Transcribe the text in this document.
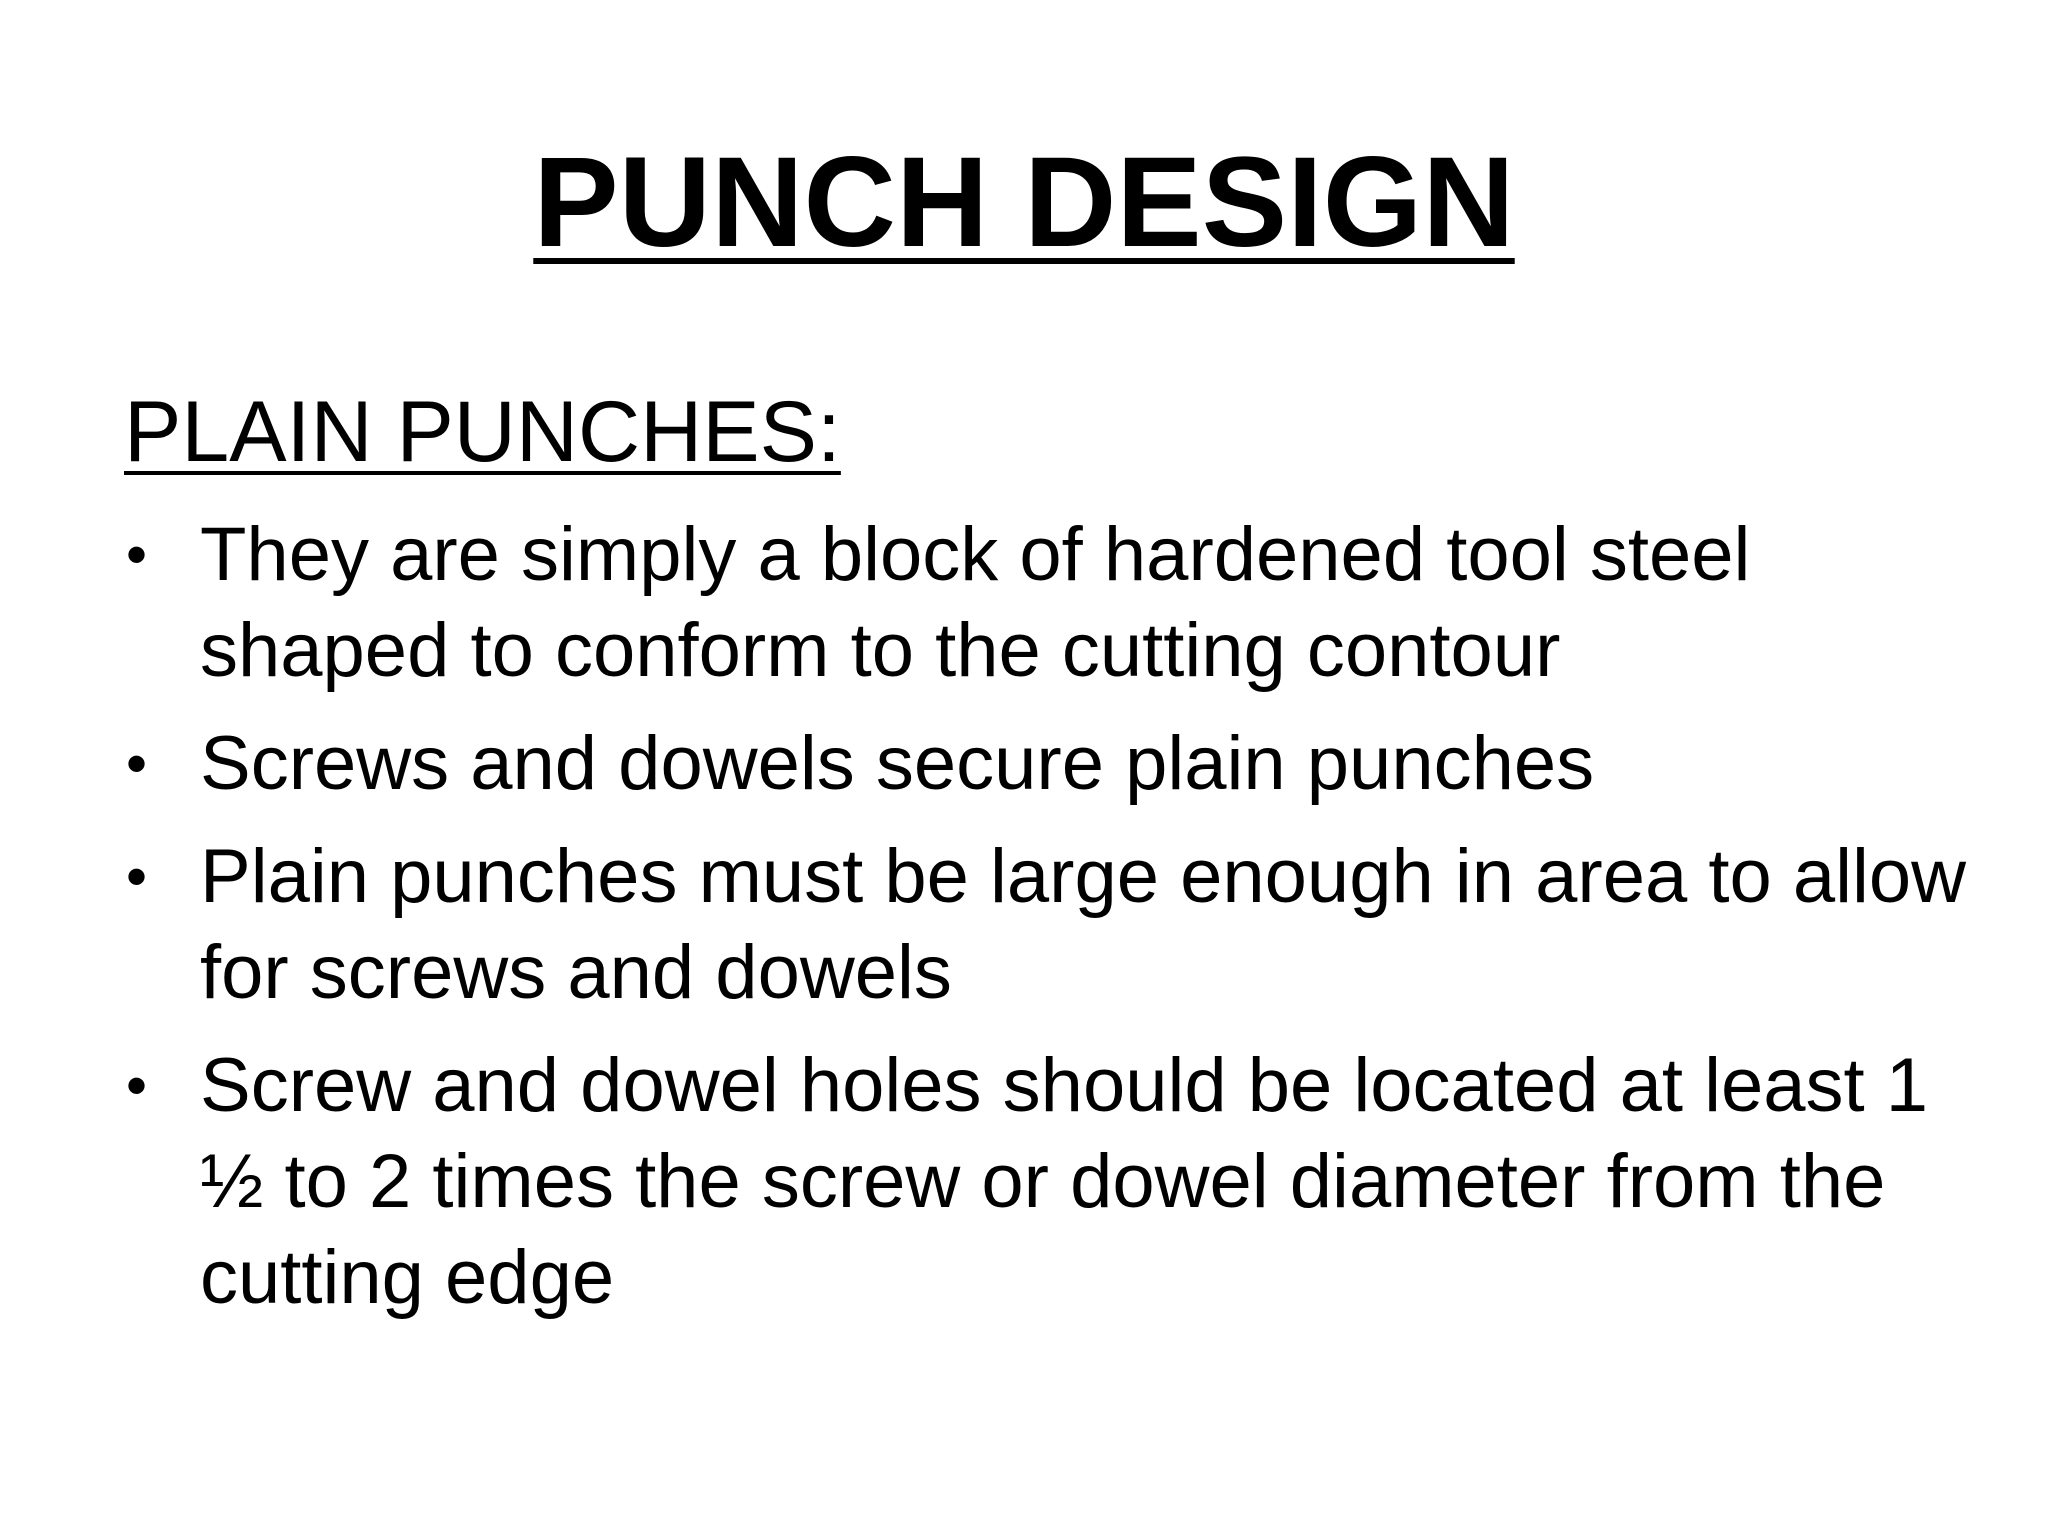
PUNCH DESIGN
PLAIN PUNCHES:
• They are simply a block of hardened tool steel shaped to conform to the cutting contour
• Screws and dowels secure plain punches
• Plain punches must be large enough in area to allow for screws and dowels
• Screw and dowel holes should be located at least 1 ½ to 2 times the screw or dowel diameter from the cutting edge
